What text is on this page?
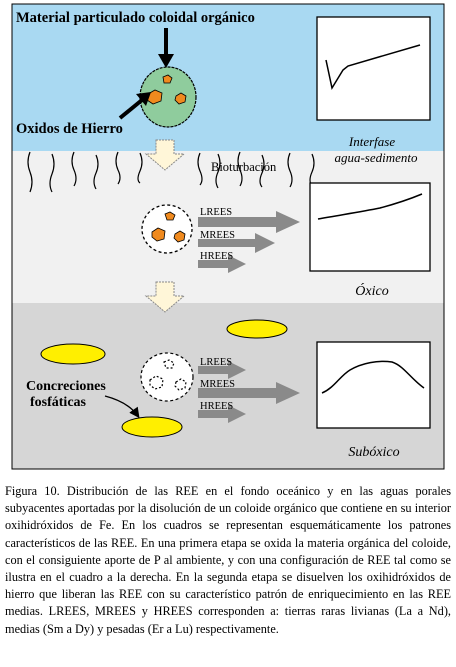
Material particulado coloidal orgánico
Oxidos de Hierro
Interfase
agua-sedimento
Bioturbación
LREES
MREES
HREES
Óxico
Concreciones
fosfáticas
LREES
MREES
HREES
Subóxico

Figura 10. Distribución de las REE en el fondo oceánico y en las aguas porales subyacentes aportadas por la disolución de un coloide orgánico que contiene en su interior oxihidróxidos de Fe. En los cuadros se representan esquemáticamente los patrones característicos de las REE. En una primera etapa se oxida la materia orgánica del coloide, con el consiguiente aporte de P al ambiente, y con una configuración de REE tal como se ilustra en el cuadro a la derecha. En la segunda etapa se disuelven los oxihidróxidos de hierro que liberan las REE con su característico patrón de enriquecimiento en las REE medias. LREES, MREES y HREES corresponden a: tierras raras livianas (La a Nd), medias (Sm a Dy) y pesadas (Er a Lu) respectivamente.
